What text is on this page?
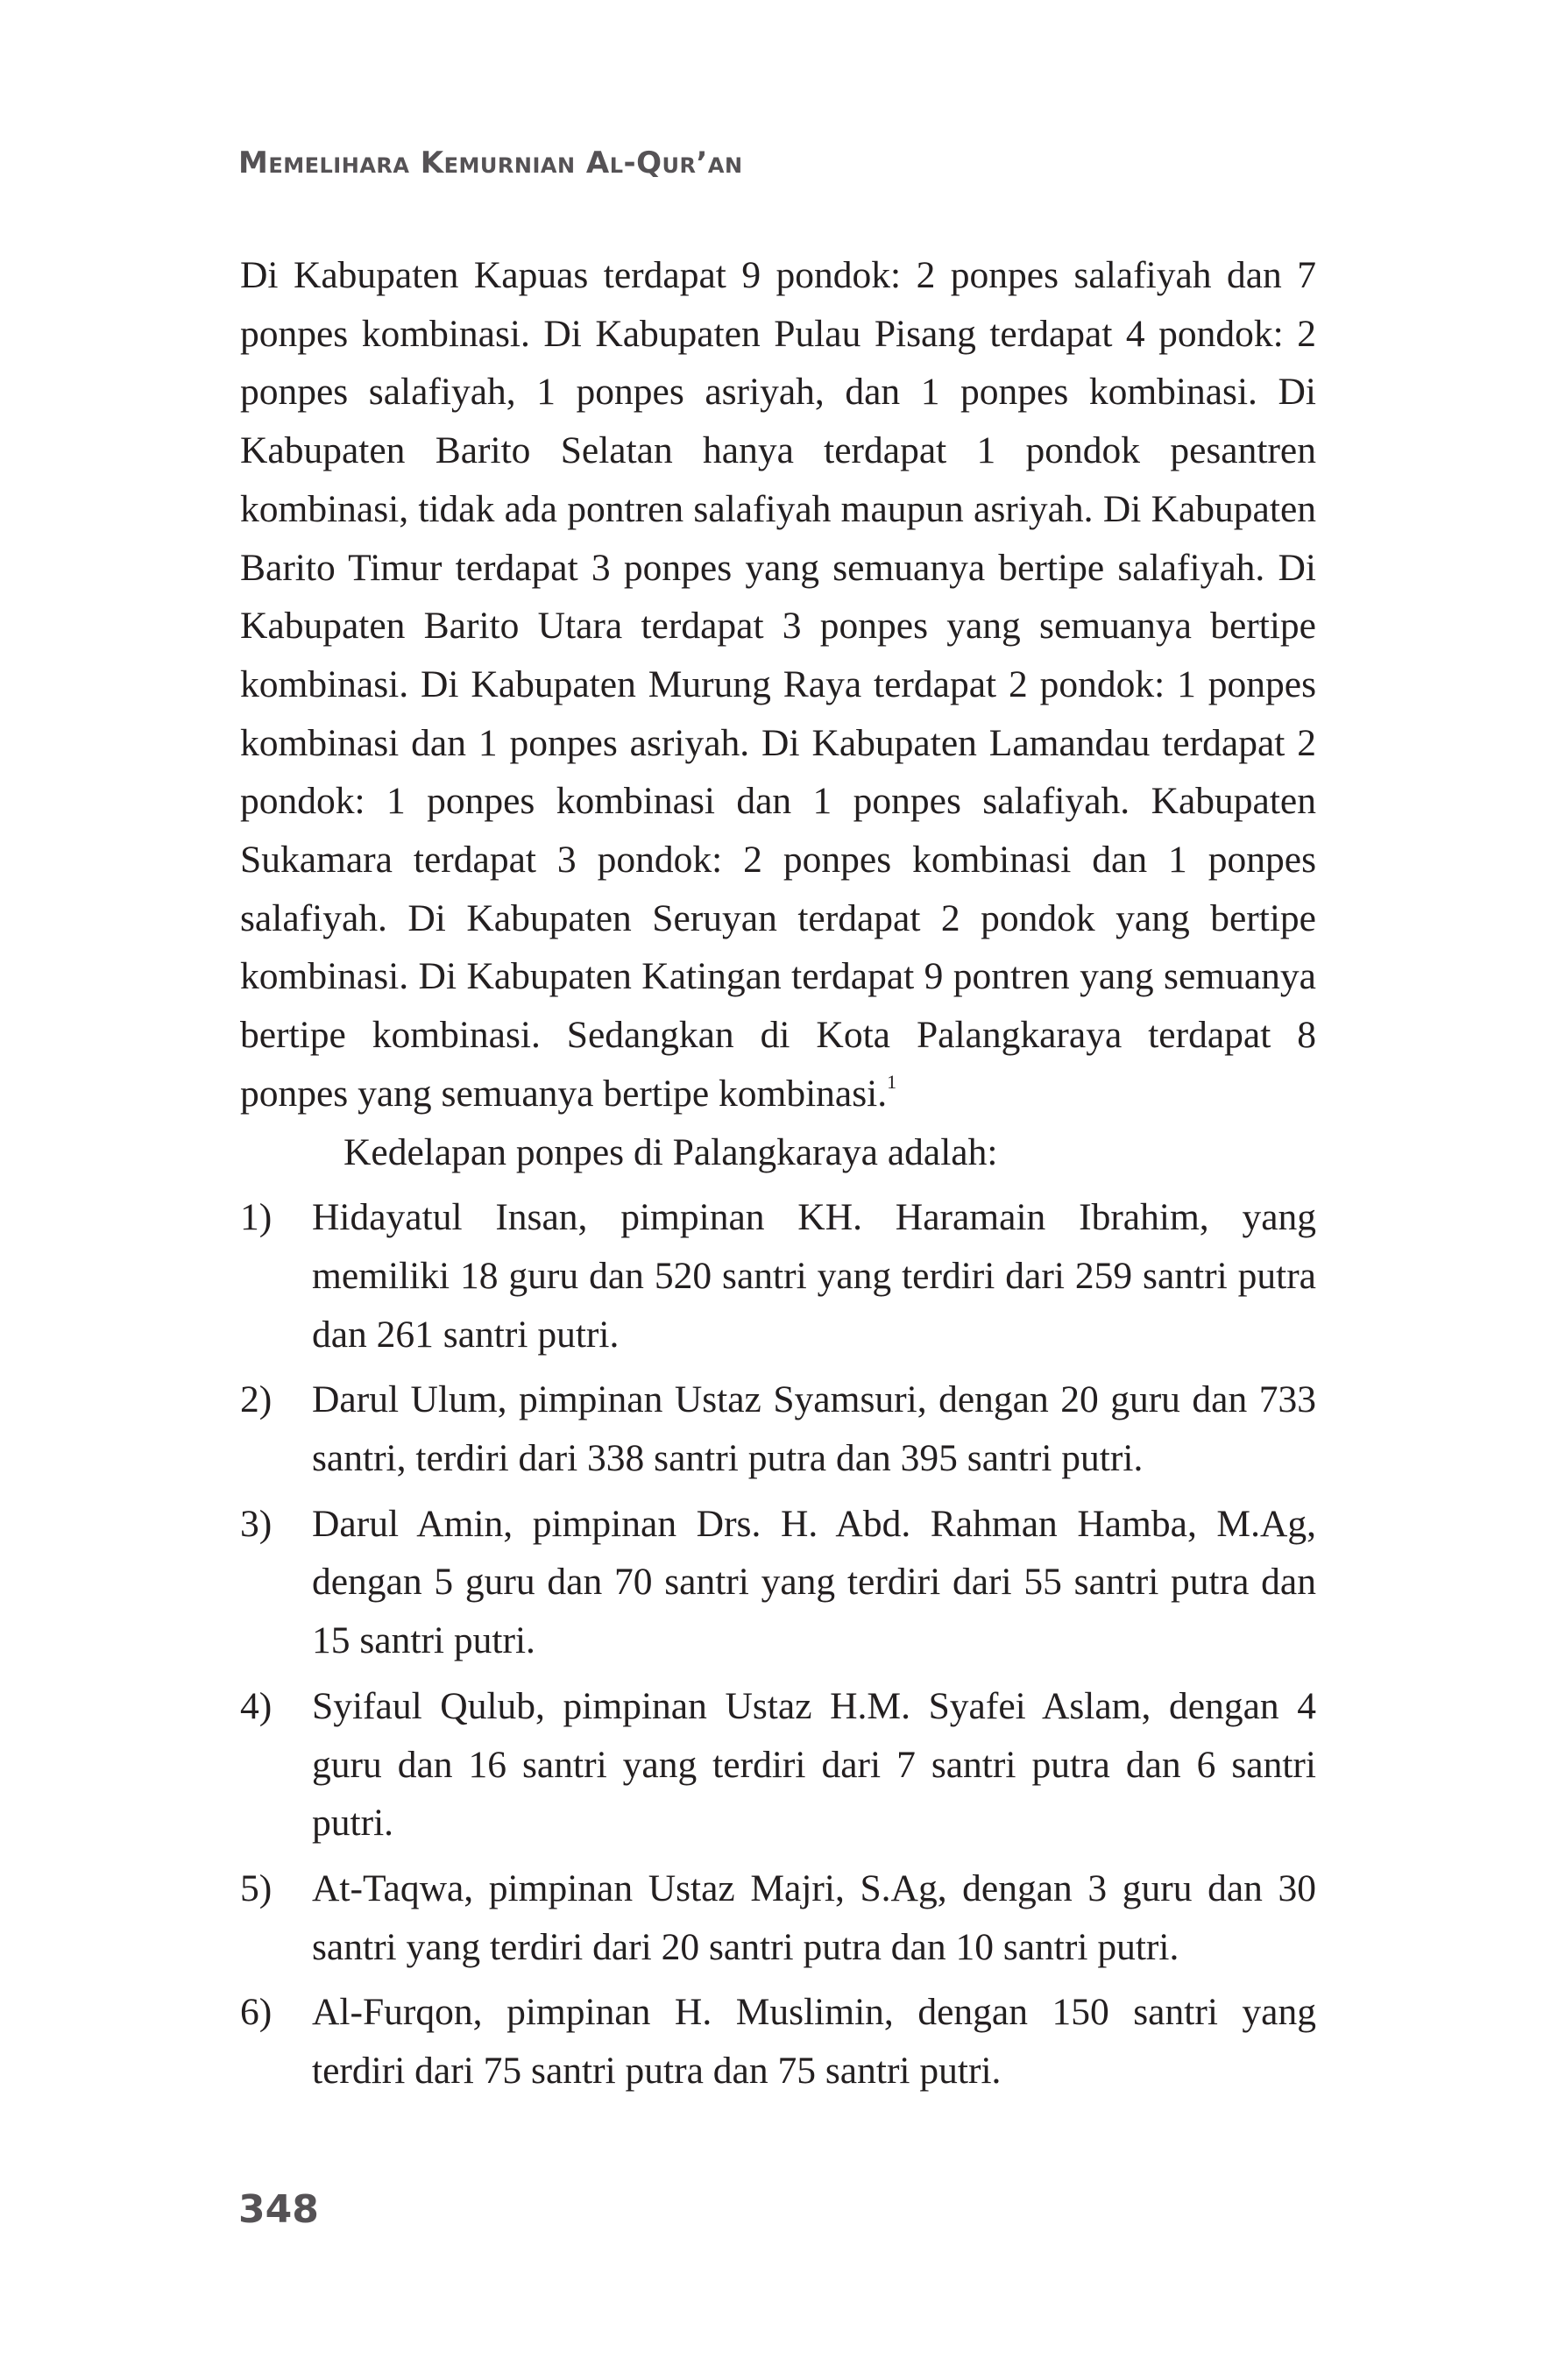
Memelihara Kemurnian Al-Qur’an

Di Kabupaten Kapuas terdapat 9 pondok: 2 ponpes salafiyah dan 7 ponpes kombinasi. Di Kabupaten Pulau Pisang terdapat 4 pondok: 2 ponpes salafiyah, 1 ponpes asriyah, dan 1 ponpes kombinasi. Di Kabupaten Barito Selatan hanya terdapat 1 pondok pesantren kombinasi, tidak ada pontren salafiyah maupun asriyah. Di Kabupaten Barito Timur terdapat 3 ponpes yang semuanya bertipe salafiyah. Di Kabupaten Barito Utara terdapat 3 ponpes yang semuanya bertipe kombinasi. Di Kabupaten Murung Raya terdapat 2 pondok: 1 ponpes kombinasi dan 1 ponpes asriyah. Di Kabupaten Lamandau terdapat 2 pondok: 1 ponpes kombinasi dan 1 ponpes salafiyah. Kabupaten Sukamara terdapat 3 pondok: 2 ponpes kombinasi dan 1 ponpes salafiyah. Di Kabupaten Seruyan terdapat 2 pondok yang bertipe kombinasi. Di Kabupaten Katingan terdapat 9 pontren yang semuanya bertipe kombinasi. Sedangkan di Kota Palangkaraya terdapat 8 ponpes yang semuanya bertipe kombinasi.$^1$

Kedelapan ponpes di Palangkaraya adalah:

1)	Hidayatul Insan, pimpinan KH. Haramain Ibrahim, yang memiliki 18 guru dan 520 santri yang terdiri dari 259 santri putra dan 261 santri putri.
2)	Darul Ulum, pimpinan Ustaz Syamsuri, dengan 20 guru dan 733 santri, terdiri dari 338 santri putra dan 395 santri putri.
3)	Darul Amin, pimpinan Drs. H. Abd. Rahman Hamba, M.Ag, dengan 5 guru dan 70 santri yang terdiri dari 55 santri putra dan 15 santri putri.
4)	Syifaul Qulub, pimpinan Ustaz H.M. Syafei Aslam, dengan 4 guru dan 16 santri yang terdiri dari 7 santri putra dan 6 santri putri.
5)	At-Taqwa, pimpinan Ustaz Majri, S.Ag, dengan 3 guru dan 30 santri yang terdiri dari 20 santri putra dan 10 santri putri.
6)	Al-Furqon, pimpinan H. Muslimin, dengan 150 santri yang terdiri dari 75 santri putra dan 75 santri putri.
348
